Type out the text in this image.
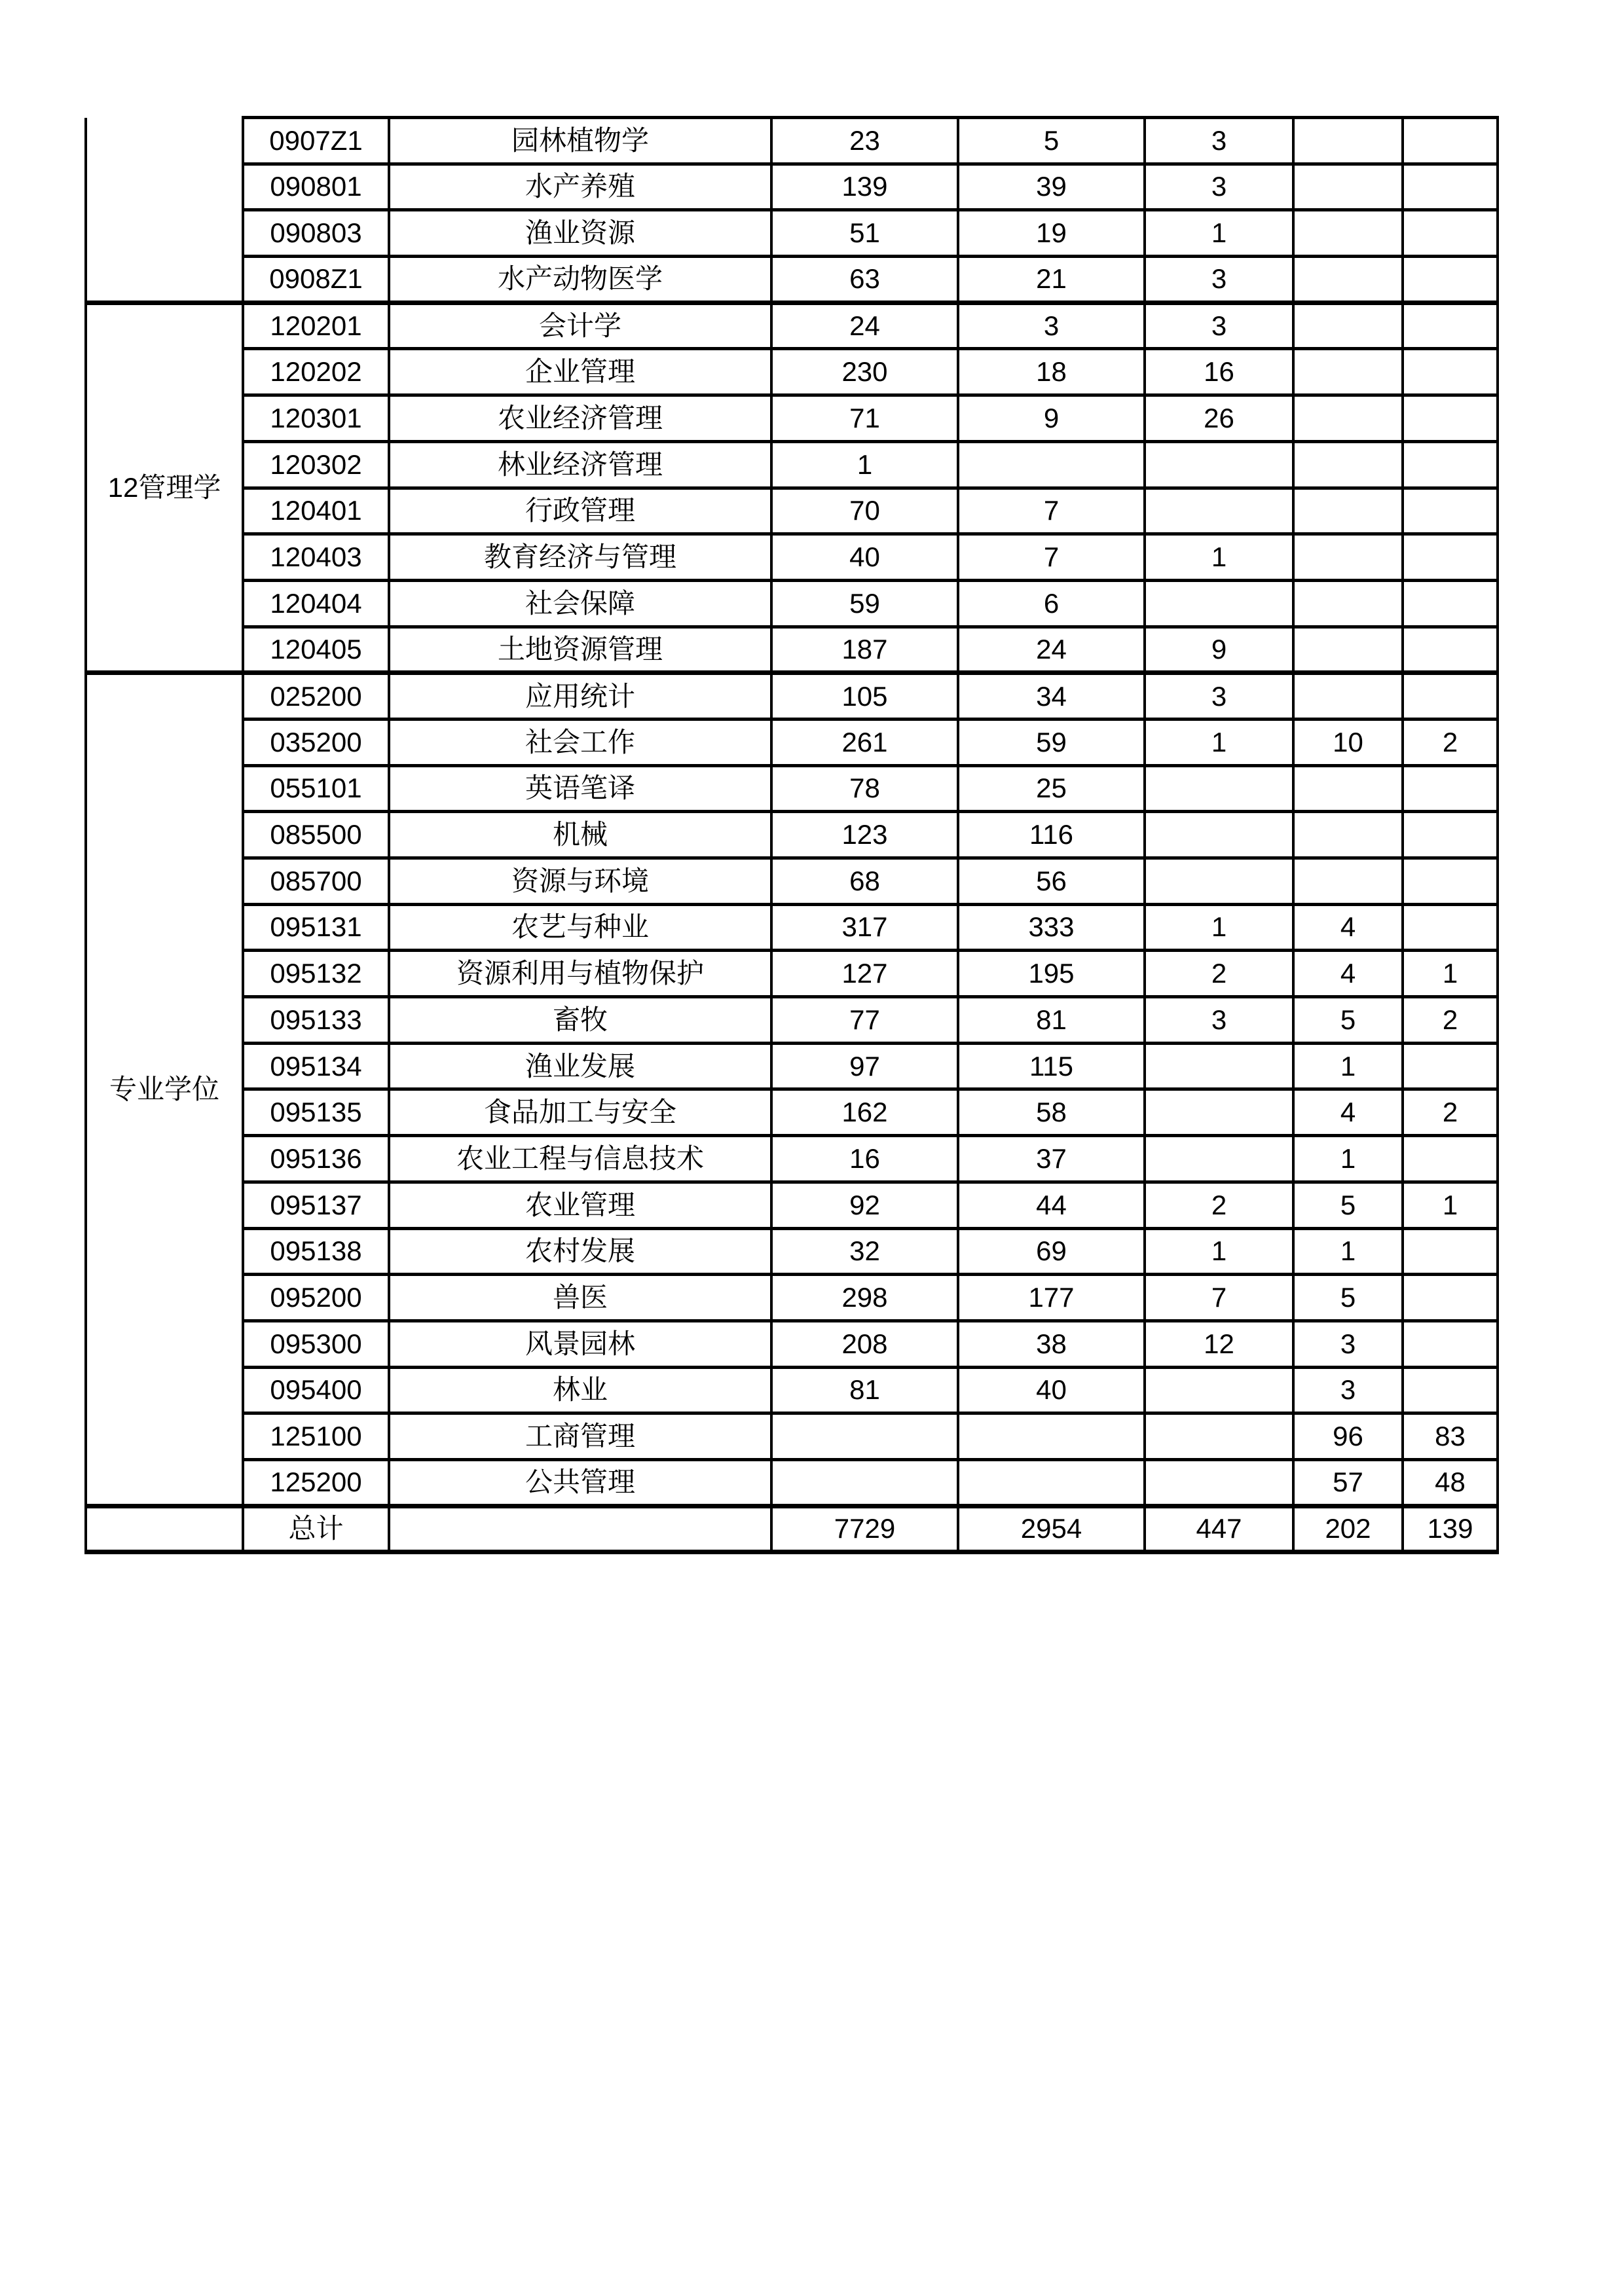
	0907Z1	园林植物学	23	5	3		
	090801	水产养殖	139	39	3		
	090803	渔业资源	51	19	1		
	0908Z1	水产动物医学	63	21	3		
12管理学	120201	会计学	24	3	3		
	120202	企业管理	230	18	16		
	120301	农业经济管理	71	9	26		
	120302	林业经济管理	1				
	120401	行政管理	70	7			
	120403	教育经济与管理	40	7	1		
	120404	社会保障	59	6			
	120405	土地资源管理	187	24	9		
专业学位	025200	应用统计	105	34	3		
	035200	社会工作	261	59	1	10	2
	055101	英语笔译	78	25			
	085500	机械	123	116			
	085700	资源与环境	68	56			
	095131	农艺与种业	317	333	1	4	
	095132	资源利用与植物保护	127	195	2	4	1
	095133	畜牧	77	81	3	5	2
	095134	渔业发展	97	115		1	
	095135	食品加工与安全	162	58		4	2
	095136	农业工程与信息技术	16	37		1	
	095137	农业管理	92	44	2	5	1
	095138	农村发展	32	69	1	1	
	095200	兽医	298	177	7	5	
	095300	风景园林	208	38	12	3	
	095400	林业	81	40		3	
	125100	工商管理				96	83
	125200	公共管理				57	48
	总计		7729	2954	447	202	139
